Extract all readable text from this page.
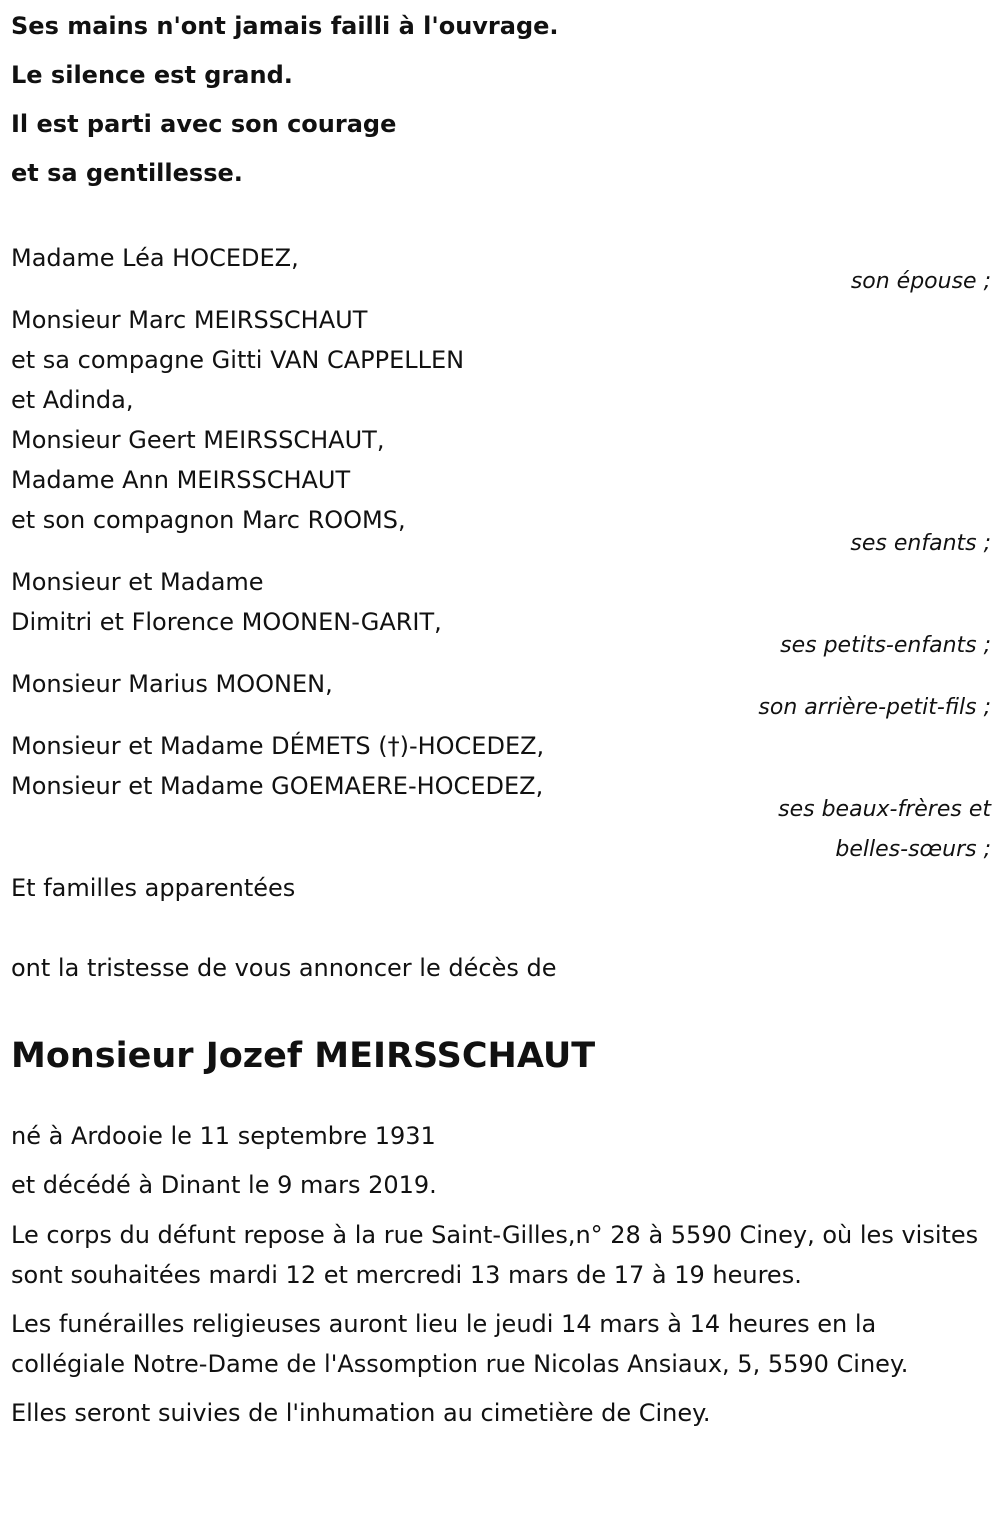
Ses mains n'ont jamais failli à l'ouvrage.
Le silence est grand.
Il est parti avec son courage
et sa gentillesse.
Madame Léa HOCEDEZ,
son épouse ;
Monsieur Marc MEIRSSCHAUT
et sa compagne Gitti VAN CAPPELLEN
et Adinda,
Monsieur Geert MEIRSSCHAUT,
Madame Ann MEIRSSCHAUT
et son compagnon Marc ROOMS,
ses enfants ;
Monsieur et Madame
Dimitri et Florence MOONEN-GARIT,
ses petits-enfants ;
Monsieur Marius MOONEN,
son arrière-petit-fils ;
Monsieur et Madame DÉMETS (†)-HOCEDEZ,
Monsieur et Madame GOEMAERE-HOCEDEZ,
ses beaux-frères et belles-sœurs ;
Et familles apparentées
ont la tristesse de vous annoncer le décès de
Monsieur Jozef MEIRSSCHAUT
né à Ardooie le 11 septembre 1931
et décédé à Dinant le 9 mars 2019.
Le corps du défunt repose à la rue Saint-Gilles,n° 28 à 5590 Ciney, où les visites sont souhaitées mardi 12 et mercredi 13 mars de 17 à 19 heures.
Les funérailles religieuses auront lieu le jeudi 14 mars à 14 heures en la collégiale Notre-Dame de l'Assomption rue Nicolas Ansiaux, 5, 5590 Ciney.
Elles seront suivies de l'inhumation au cimetière de Ciney.
